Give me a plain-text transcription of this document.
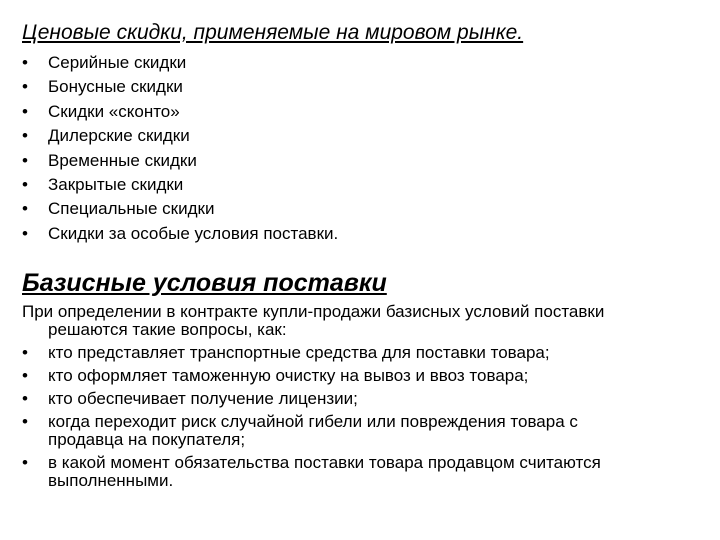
Ценовые скидки, применяемые на мировом рынке.
• Серийные скидки
• Бонусные скидки
• Скидки «сконто»
• Дилерские скидки
• Временные скидки
• Закрытые скидки
• Специальные скидки
• Скидки за особые условия поставки.
Базисные условия поставки

При определении в контракте купли-продажи базисных условий поставки
решаются такие вопросы, как:

• кто представляет транспортные средства для поставки товара;
• кто оформляет таможенную очистку на вывоз и ввоз товара;
• кто обеспечивает получение лицензии;
• когда переходит риск случайной гибели или повреждения товара с
продавца на покупателя;
• в какой момент обязательства поставки товара продавцом считаются
выполненными.
